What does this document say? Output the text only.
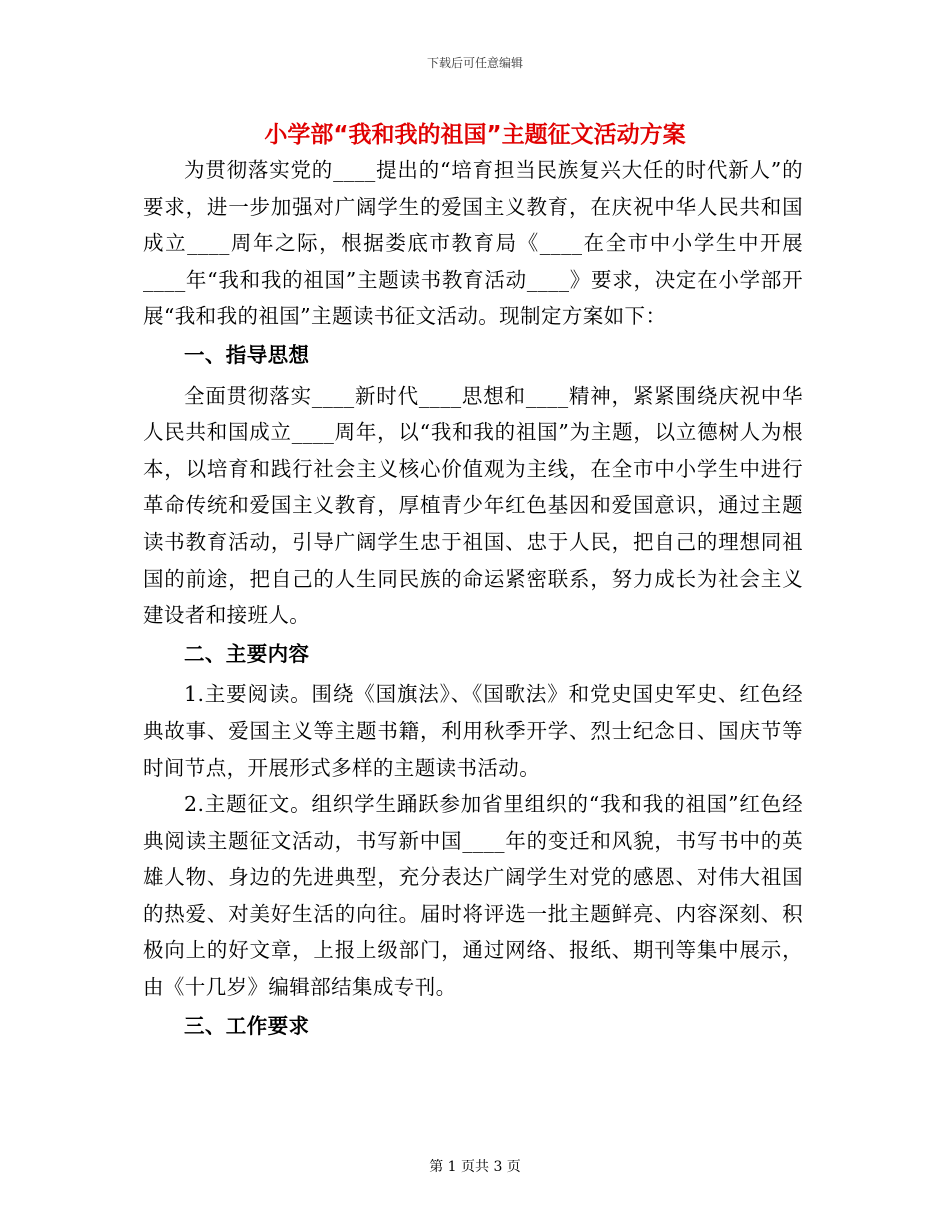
下载后可任意编辑
小学部“我和我的祖国”主题征文活动方案

为贯彻落实党的____提出的“培育担当民族复兴大任的时代新人”的要求，进一步加强对广阔学生的爱国主义教育，在庆祝中华人民共和国成立____周年之际，根据娄底市教育局《____在全市中小学生中开展____年“我和我的祖国”主题读书教育活动____》要求，决定在小学部开展“我和我的祖国”主题读书征文活动。现制定方案如下：

一、指导思想

全面贯彻落实____新时代____思想和____精神，紧紧围绕庆祝中华人民共和国成立____周年，以“我和我的祖国”为主题，以立德树人为根本，以培育和践行社会主义核心价值观为主线，在全市中小学生中进行革命传统和爱国主义教育，厚植青少年红色基因和爱国意识，通过主题读书教育活动，引导广阔学生忠于祖国、忠于人民，把自己的理想同祖国的前途，把自己的人生同民族的命运紧密联系，努力成长为社会主义建设者和接班人。

二、主要内容

1.主要阅读。围绕《国旗法》、《国歌法》和党史国史军史、红色经典故事、爱国主义等主题书籍，利用秋季开学、烈士纪念日、国庆节等时间节点，开展形式多样的主题读书活动。

2.主题征文。组织学生踊跃参加省里组织的“我和我的祖国”红色经典阅读主题征文活动，书写新中国____年的变迁和风貌，书写书中的英雄人物、身边的先进典型，充分表达广阔学生对党的感恩、对伟大祖国的热爱、对美好生活的向往。届时将评选一批主题鲜亮、内容深刻、积极向上的好文章，上报上级部门，通过网络、报纸、期刊等集中展示，由《十几岁》编辑部结集成专刊。

三、工作要求
第 1 页共 3 页
